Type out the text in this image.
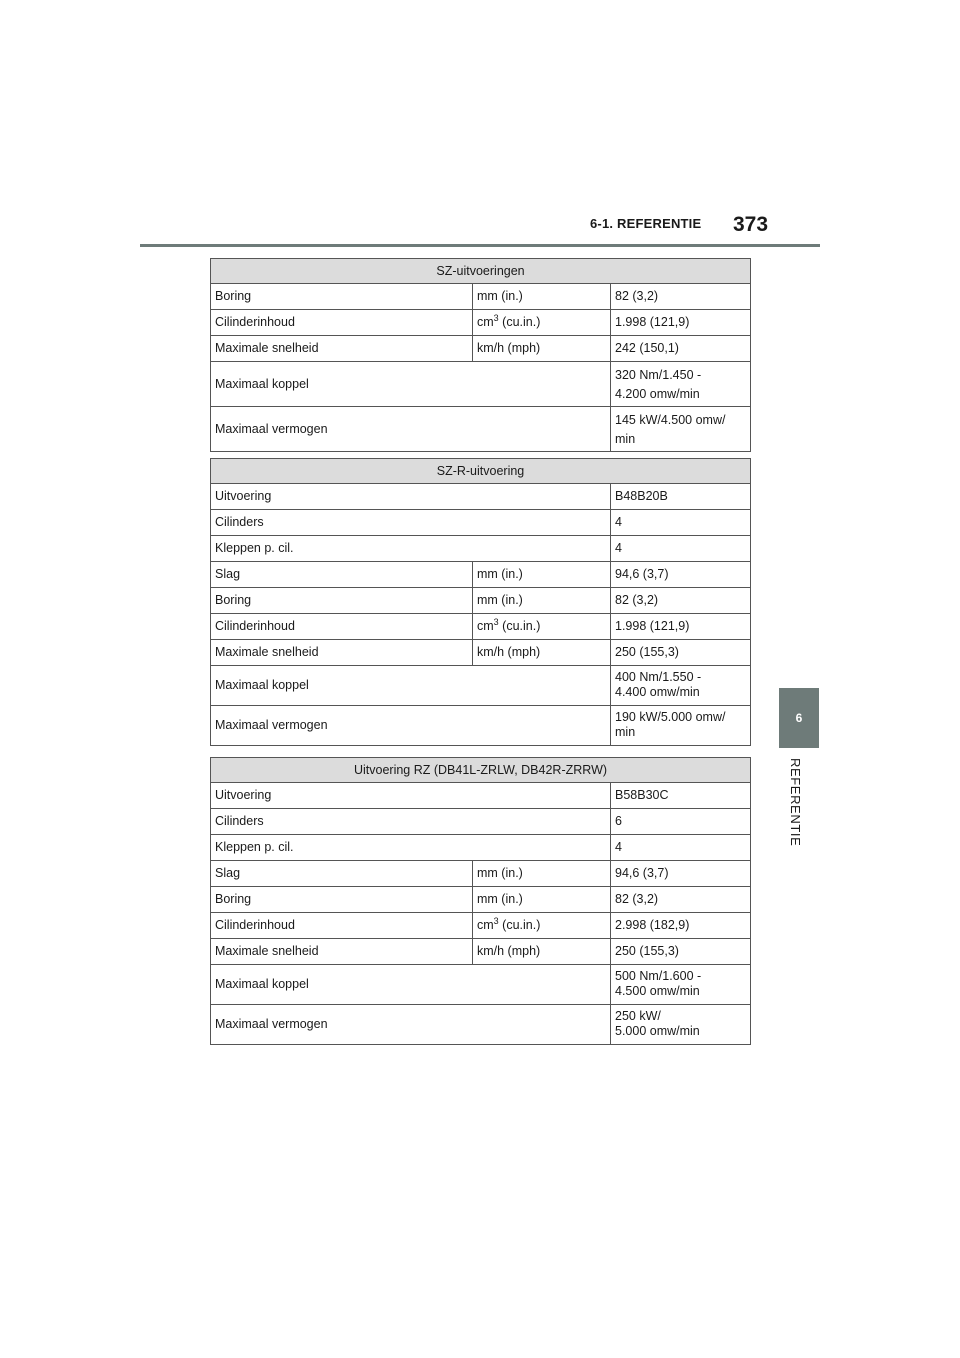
6-1. REFERENTIE 373
6
REFERENTIE
SZ-uitvoeringen		
Boring	mm (in.)	82 (3,2)
Cilinderinhoud	$cm^3$ (cu.in.)	1.998 (121,9)
Maximale snelheid	km/h (mph)	242 (150,1)
Maximaal koppel		320 Nm/1.450 -
4.200 omw/min

Maximaal vermogen		145 kW/4.500 omw/
min
SZ-R-uitvoering		
Uitvoering		B48B20B
Cilinders		4
Kleppen p. cil.		4
Slag	mm (in.)	94,6 (3,7)
Boring	mm (in.)	82 (3,2)
Cilinderinhoud	$cm^3$ (cu.in.)	1.998 (121,9)
Maximale snelheid	km/h (mph)	250 (155,3)
Maximaal koppel		400 Nm/1.550 -
4.400 omw/min

Maximaal vermogen		190 kW/5.000 omw/
min
Uitvoering RZ (DB41L-ZRLW, DB42R-ZRRW)		
Uitvoering		B58B30C
Cilinders		6
Kleppen p. cil.		4
Slag	mm (in.)	94,6 (3,7)
Boring	mm (in.)	82 (3,2)
Cilinderinhoud	$cm^3$ (cu.in.)	2.998 (182,9)
Maximale snelheid	km/h (mph)	250 (155,3)
Maximaal koppel		500 Nm/1.600 -
4.500 omw/min

Maximaal vermogen		250 kW/
5.000 omw/min
